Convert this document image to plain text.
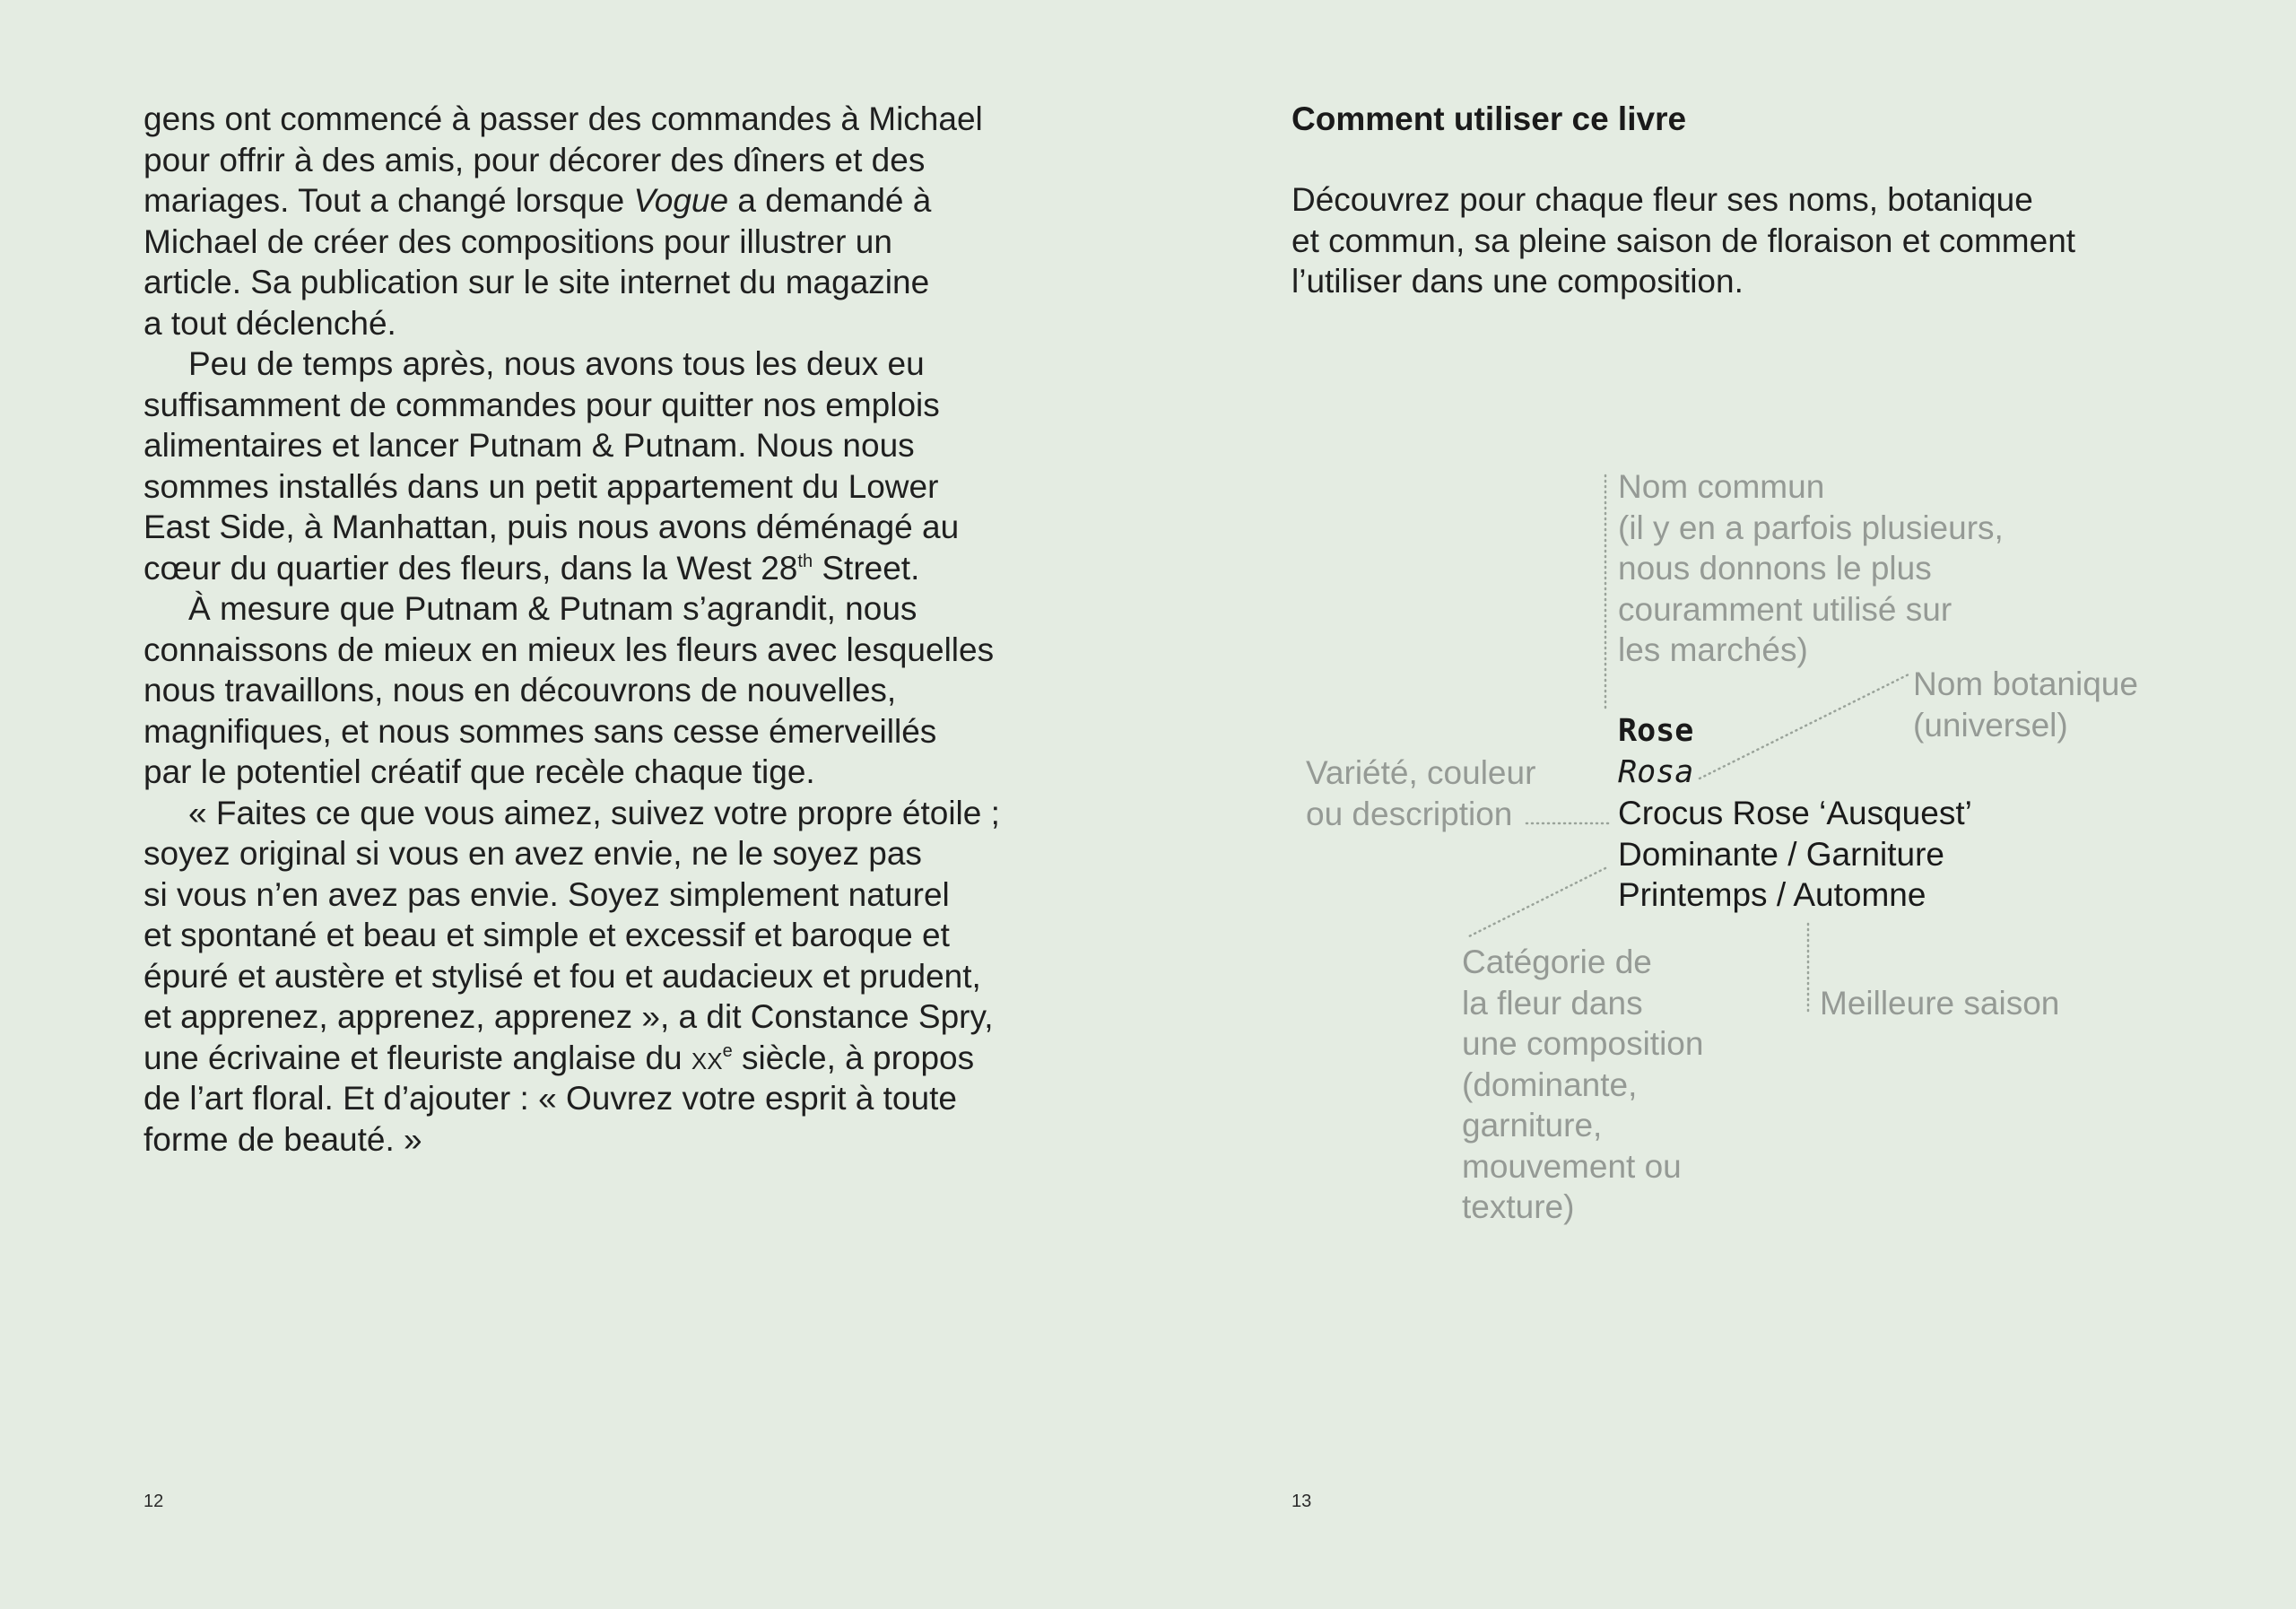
gens ont commencé à passer des commandes à Michael
pour offrir à des amis, pour décorer des dîners et des
mariages. Tout a changé lorsque Vogue a demandé à
Michael de créer des compositions pour illustrer un
article. Sa publication sur le site internet du magazine
a tout déclenché.
Peu de temps après, nous avons tous les deux eu
suffisamment de commandes pour quitter nos emplois
alimentaires et lancer Putnam & Putnam. Nous nous
sommes installés dans un petit appartement du Lower
East Side, à Manhattan, puis nous avons déménagé au
cœur du quartier des fleurs, dans la West 28th Street.
À mesure que Putnam & Putnam s’agrandit, nous
connaissons de mieux en mieux les fleurs avec lesquelles
nous travaillons, nous en découvrons de nouvelles,
magnifiques, et nous sommes sans cesse émerveillés
par le potentiel créatif que recèle chaque tige.
« Faites ce que vous aimez, suivez votre propre étoile ;
soyez original si vous en avez envie, ne le soyez pas
si vous n’en avez pas envie. Soyez simplement naturel
et spontané et beau et simple et excessif et baroque et
épuré et austère et stylisé et fou et audacieux et prudent,
et apprenez, apprenez, apprenez », a dit Constance Spry,
une écrivaine et fleuriste anglaise du $xx^e$ siècle, à propos
de l’art floral. Et d’ajouter : « Ouvrez votre esprit à toute
forme de beauté. »

12
Comment utiliser ce livre

Découvrez pour chaque fleur ses noms, botanique
et commun, sa pleine saison de floraison et comment
l’utiliser dans une composition.

Nom commun
(il y en a parfois plusieurs,
nous donnons le plus
couramment utilisé sur
les marchés)

Nom botanique
(universel)

Variété, couleur
ou description

Catégorie de
la fleur dans
une composition
(dominante,
garniture,
mouvement ou
texture)

Meilleure saison

Rose
Rosa
Crocus Rose ‘Ausquest’
Dominante / Garniture
Printemps / Automne

13
